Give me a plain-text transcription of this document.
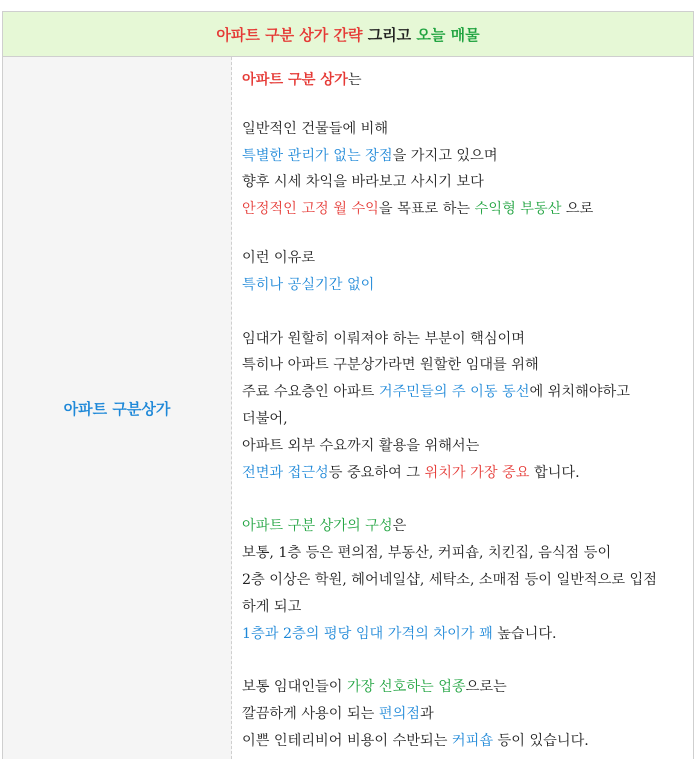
아파트 구분 상가 간략 그리고 오늘 매물
아파트 구분상가
아파트 구분 상가는
일반적인 건물들에 비해
특별한 관리가 없는 장점을 가지고 있으며
향후 시세 차익을 바라보고 사시기 보다
안정적인 고정 월 수익을 목표로 하는 수익형 부동산 으로
이런 이유로
특히나 공실기간 없이
임대가 원할히 이뤄져야 하는 부분이 핵심이며
특히나 아파트 구분상가라면 원할한 임대를 위해
주료 수요층인 아파트 거주민들의 주 이동 동선에 위치해야하고
더불어,
아파트 외부 수요까지 활용을 위해서는
전면과 접근성등 중요하여 그 위치가 가장 중요 합니다.
아파트 구분 상가의 구성은
보통, 1층 등은 편의점, 부동산, 커피숍, 치킨집, 음식점 등이
2층 이상은 학원, 헤어네일샵, 세탁소, 소매점 등이 일반적으로 입점
하게 되고
1층과 2층의 평당 임대 가격의 차이가 꽤 높습니다.
보통 임대인들이 가장 선호하는 업종으로는
깔끔하게 사용이 되는 편의점과
이쁜 인테리비어 비용이 수반되는 커피숍 등이 있습니다.
